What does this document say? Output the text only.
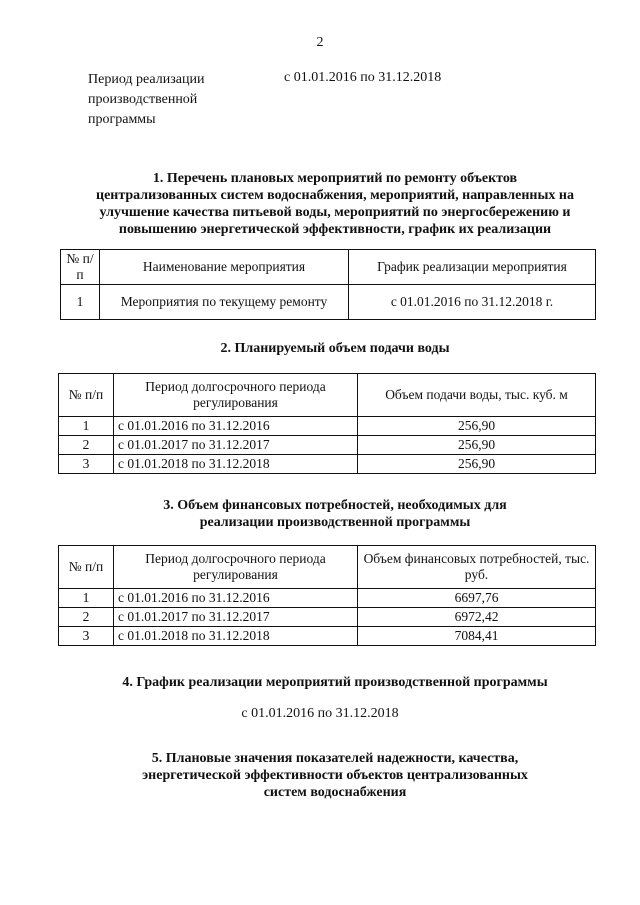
2
Период реализации
производственной
программы
с 01.01.2016 по 31.12.2018
1. Перечень плановых мероприятий по ремонту объектов
централизованных систем водоснабжения, мероприятий, направленных на
улучшение качества питьевой воды, мероприятий по энергосбережению и
повышению энергетической эффективности, график их реализации
№ п/п	Наименование мероприятия	График реализации мероприятия
1	Мероприятия по текущему ремонту	с 01.01.2016 по 31.12.2018 г.
2. Планируемый объем подачи воды
№ п/п	Период долгосрочного периода регулирования	Объем подачи воды, тыс. куб. м
1	с 01.01.2016 по 31.12.2016	256,90
2	с 01.01.2017 по 31.12.2017	256,90
3	с 01.01.2018 по 31.12.2018	256,90
3. Объем финансовых потребностей, необходимых для
реализации производственной программы
№ п/п	Период долгосрочного периода регулирования	Объем финансовых потребностей, тыс. руб.
1	с 01.01.2016 по 31.12.2016	6697,76
2	с 01.01.2017 по 31.12.2017	6972,42
3	с 01.01.2018 по 31.12.2018	7084,41
4. График реализации мероприятий производственной программы
с 01.01.2016 по 31.12.2018
5. Плановые значения показателей надежности, качества,
энергетической эффективности объектов централизованных
систем водоснабжения
